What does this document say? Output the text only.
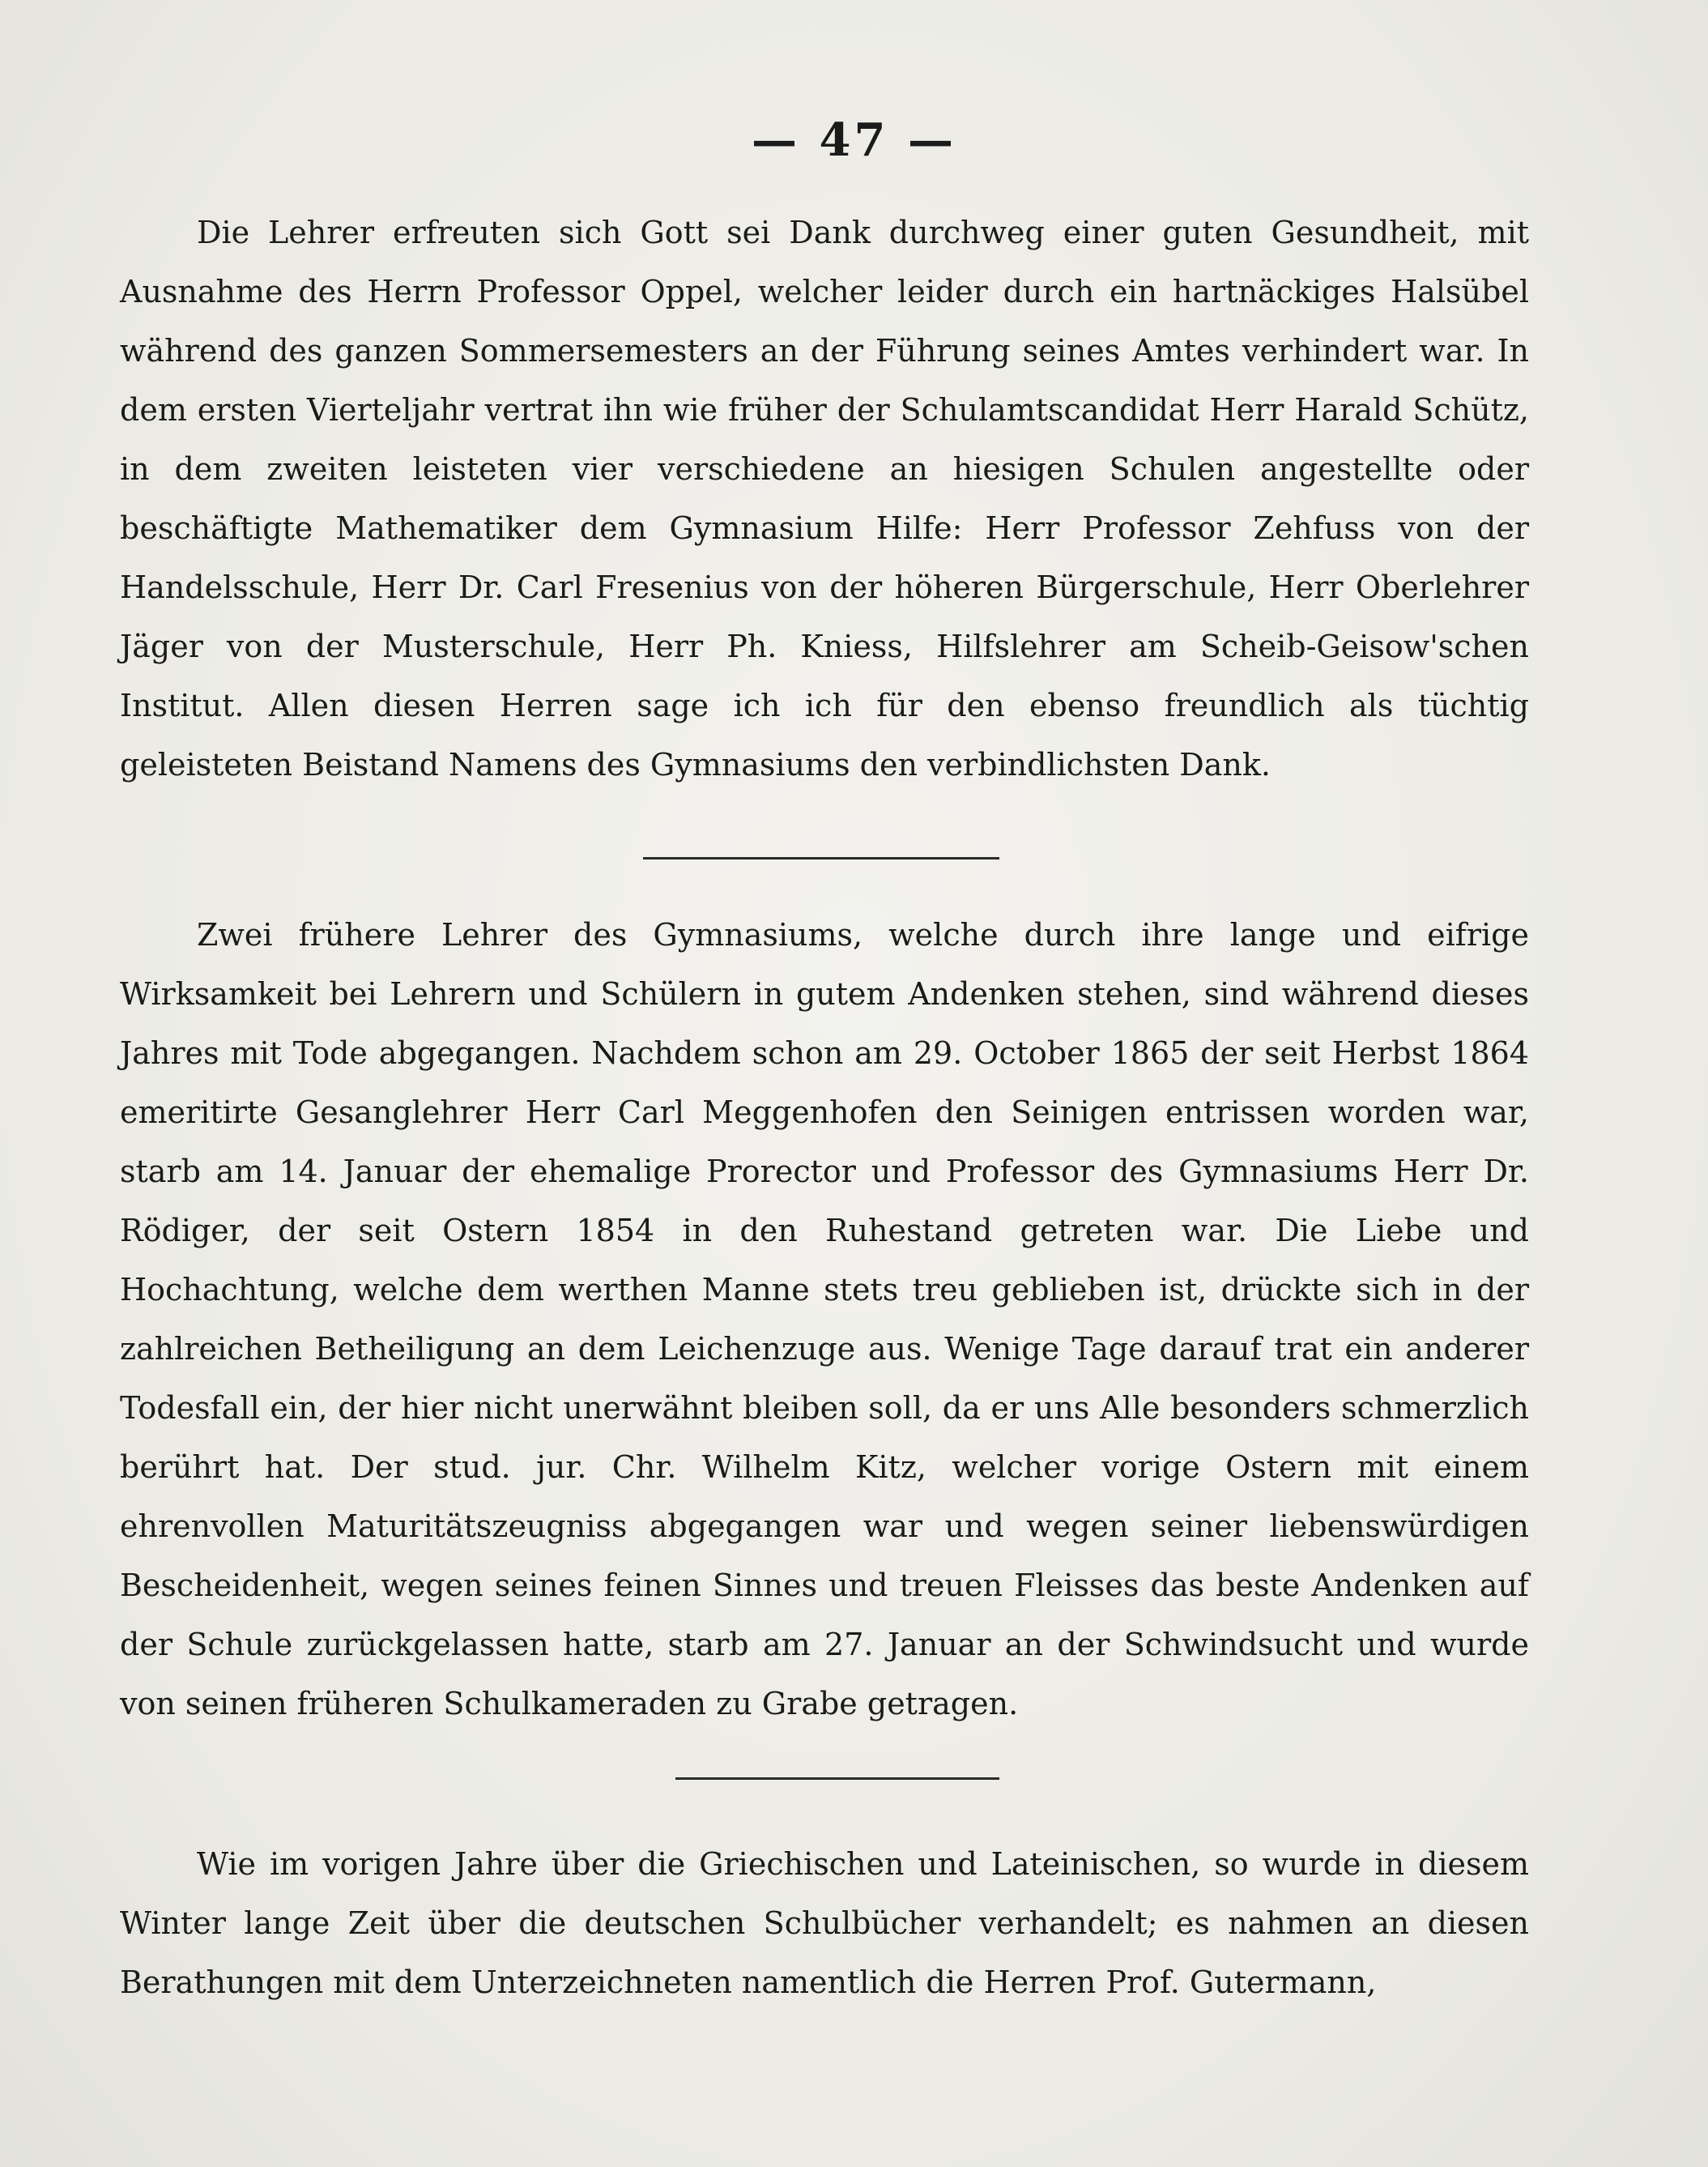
— 47 —

Die Lehrer erfreuten sich Gott sei Dank durchweg einer guten Gesundheit, mit Ausnahme des Herrn Professor Oppel, welcher leider durch ein hartnäckiges Halsübel während des ganzen Sommersemesters an der Führung seines Amtes verhindert war. In dem ersten Vierteljahr vertrat ihn wie früher der Schulamtscandidat Herr Harald Schütz, in dem zweiten leisteten vier verschiedene an hiesigen Schulen angestellte oder beschäftigte Mathematiker dem Gymnasium Hilfe: Herr Professor Zehfuss von der Handelsschule, Herr Dr. Carl Fresenius von der höheren Bürgerschule, Herr Oberlehrer Jäger von der Musterschule, Herr Ph. Kniess, Hilfslehrer am Scheib-Geisow'schen Institut. Allen diesen Herren sage ich ich für den ebenso freundlich als tüchtig geleisteten Beistand Namens des Gymnasiums den verbindlichsten Dank.

Zwei frühere Lehrer des Gymnasiums, welche durch ihre lange und eifrige Wirksamkeit bei Lehrern und Schülern in gutem Andenken stehen, sind während dieses Jahres mit Tode abgegangen. Nachdem schon am 29. October 1865 der seit Herbst 1864 emeritirte Gesanglehrer Herr Carl Meggenhofen den Seinigen entrissen worden war, starb am 14. Januar der ehemalige Prorector und Professor des Gymnasiums Herr Dr. Rödiger, der seit Ostern 1854 in den Ruhestand getreten war. Die Liebe und Hochachtung, welche dem werthen Manne stets treu geblieben ist, drückte sich in der zahlreichen Betheiligung an dem Leichenzuge aus. Wenige Tage darauf trat ein anderer Todesfall ein, der hier nicht unerwähnt bleiben soll, da er uns Alle besonders schmerzlich berührt hat. Der stud. jur. Chr. Wilhelm Kitz, welcher vorige Ostern mit einem ehrenvollen Maturitätszeugniss abgegangen war und wegen seiner liebenswürdigen Bescheidenheit, wegen seines feinen Sinnes und treuen Fleisses das beste Andenken auf der Schule zurückgelassen hatte, starb am 27. Januar an der Schwindsucht und wurde von seinen früheren Schulkameraden zu Grabe getragen.

Wie im vorigen Jahre über die Griechischen und Lateinischen, so wurde in diesem Winter lange Zeit über die deutschen Schulbücher verhandelt; es nahmen an diesen Berathungen mit dem Unterzeichneten namentlich die Herren Prof. Gutermann,
